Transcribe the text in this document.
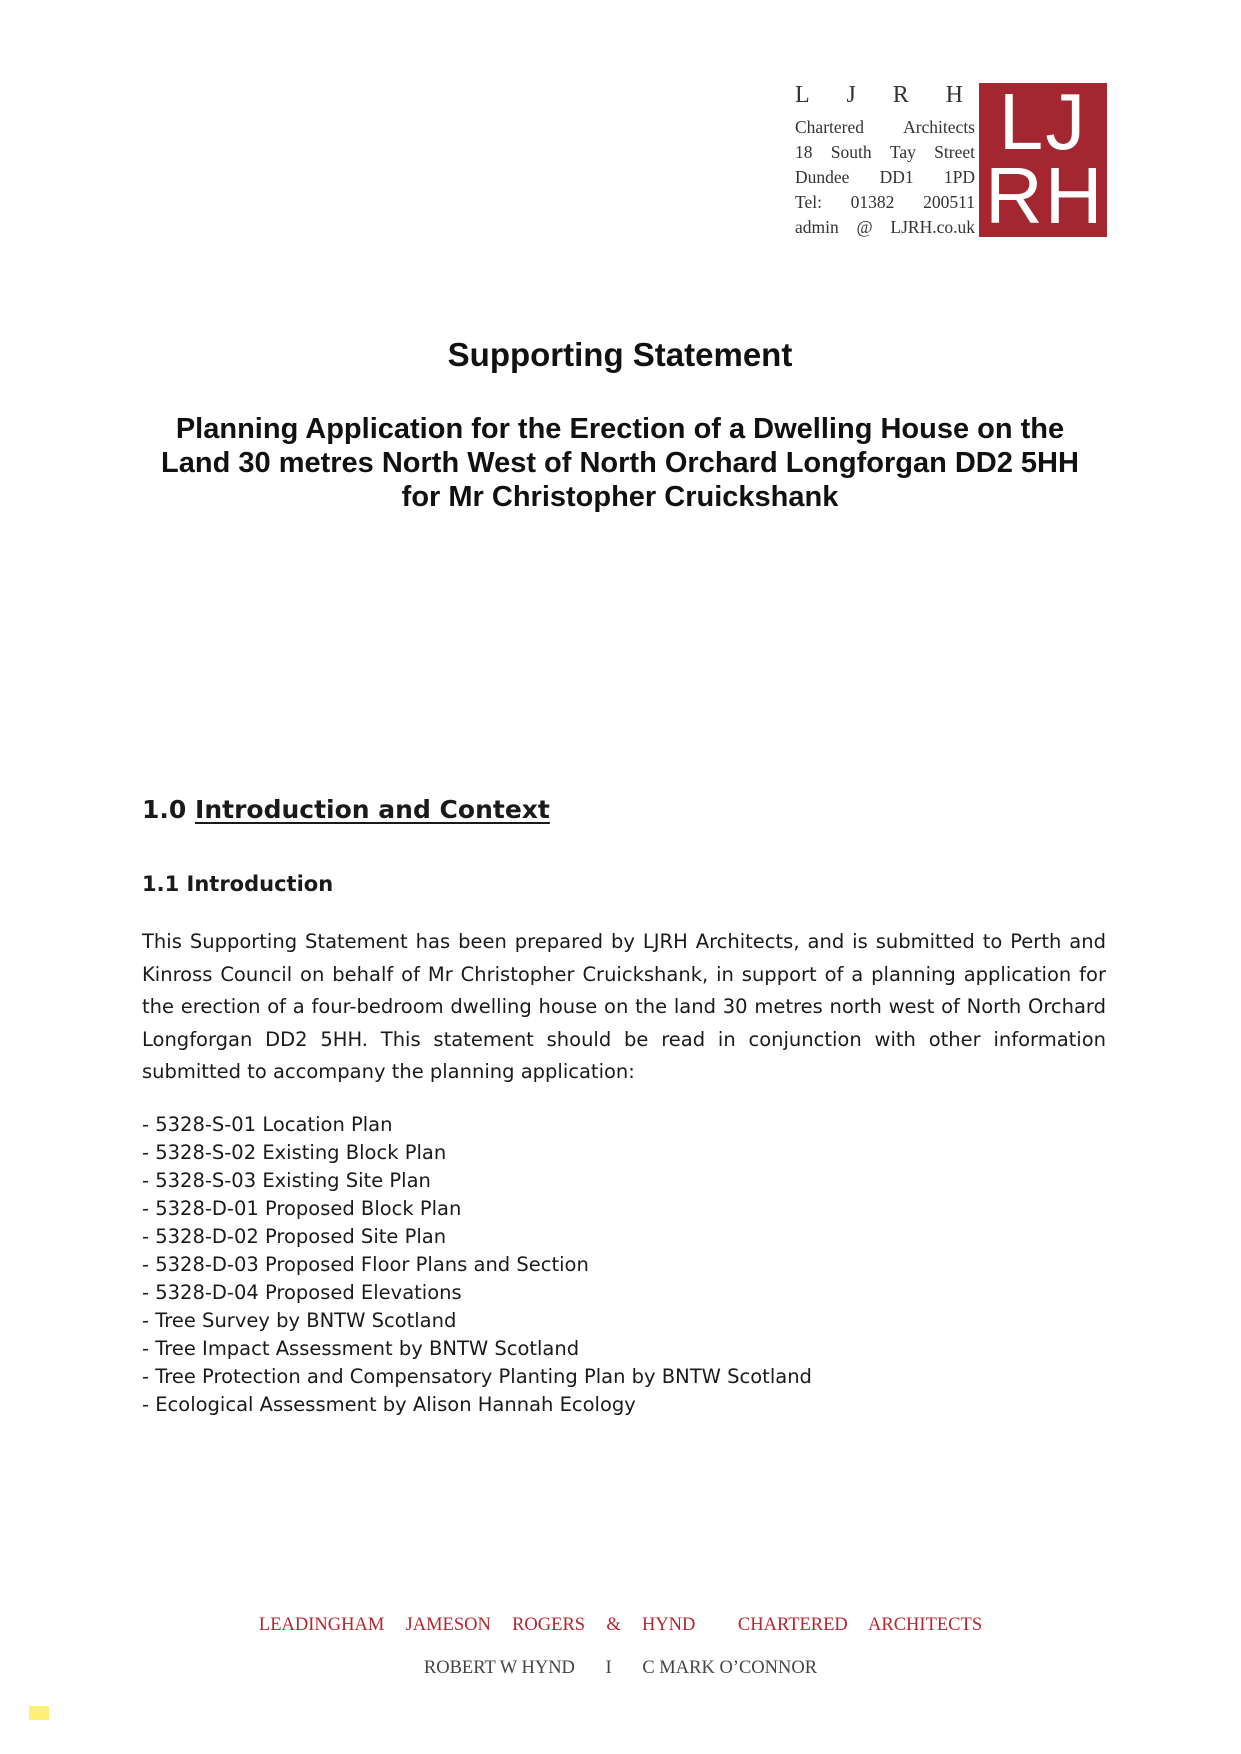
L J R H
Chartered Architects
18 South Tay Street
Dundee DD1 1PD
Tel: 01382 200511
admin @ LJRH.co.uk
LJ
RH
Supporting Statement
Planning Application for the Erection of a Dwelling House on the
Land 30 metres North West of North Orchard Longforgan DD2 5HH
for Mr Christopher Cruickshank
1.0 Introduction and Context
1.1 Introduction
This Supporting Statement has been prepared by LJRH Architects, and is submitted to Perth and Kinross Council on behalf of Mr Christopher Cruickshank, in support of a planning application for the erection of a four-bedroom dwelling house on the land 30 metres north west of North Orchard Longforgan DD2 5HH. This statement should be read in conjunction with other information submitted to accompany the planning application:
- 5328-S-01 Location Plan
- 5328-S-02 Existing Block Plan
- 5328-S-03 Existing Site Plan
- 5328-D-01 Proposed Block Plan
- 5328-D-02 Proposed Site Plan
- 5328-D-03 Proposed Floor Plans and Section
- 5328-D-04 Proposed Elevations
- Tree Survey by BNTW Scotland
- Tree Impact Assessment by BNTW Scotland
- Tree Protection and Compensatory Planting Plan by BNTW Scotland
- Ecological Assessment by Alison Hannah Ecology
LEADINGHAM  JAMESON  ROGERS  &  HYND    CHARTERED  ARCHITECTS
ROBERT W HYND I C MARK O’CONNOR
